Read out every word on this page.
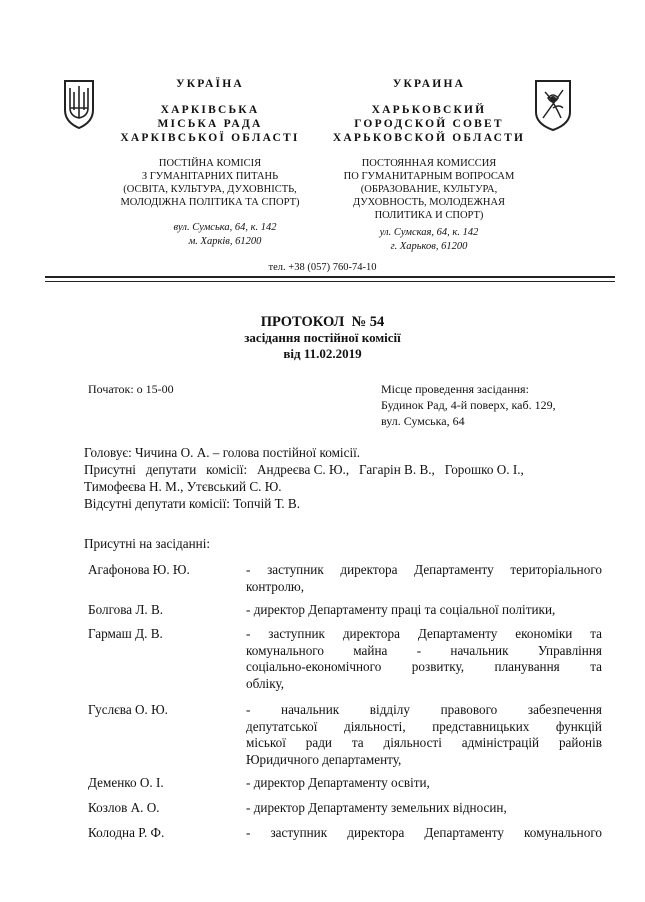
УКРАЇНА
ХАРКІВСЬКА
МІСЬКА РАДА
ХАРКІВСЬКОЇ ОБЛАСТІ
ПОСТІЙНА КОМІСІЯ
З ГУМАНІТАРНИХ ПИТАНЬ
(ОСВІТА, КУЛЬТУРА, ДУХОВНІСТЬ,
МОЛОДІЖНА ПОЛІТИКА ТА СПОРТ)
вул. Сумська, 64, к. 142
м. Харків, 61200
УКРАИНА
ХАРЬКОВСКИЙ
ГОРОДСКОЙ СОВЕТ
ХАРЬКОВСКОЙ ОБЛАСТИ
ПОСТОЯННАЯ КОМИССИЯ
ПО ГУМАНИТАРНЫМ ВОПРОСАМ
(ОБРАЗОВАНИЕ, КУЛЬТУРА,
ДУХОВНОСТЬ, МОЛОДЕЖНАЯ
ПОЛИТИКА И СПОРТ)
ул. Сумская, 64, к. 142
г. Харьков, 61200
тел. +38 (057) 760-74-10
ПРОТОКОЛ  № 54
засідання постійної комісії
від 11.02.2019
Початок: о 15-00	Місце проведення засідання:
Будинок Рад, 4-й поверх, каб. 129,
вул. Сумська, 64
Головує: Чичина О. А. – голова постійної комісії.
Присутні   депутати   комісії:   Андреєва С. Ю.,   Гагарін В. В.,   Горошко О. І.,
Тимофеєва Н. М., Утєвський С. Ю.
Відсутні депутати комісії: Топчій Т. В.
Присутні на засіданні:
Агафонова Ю. Ю.	- заступник директора Департаменту територіального
контролю,
Болгова Л. В.	- директор Департаменту праці та соціальної політики,
Гармаш Д. В.	- заступник директора Департаменту економіки та
комунального майна - начальник Управління
соціально-економічного розвитку, планування та
обліку,
Гуслєва О. Ю.	- начальник відділу правового забезпечення
депутатської діяльності, представницьких функцій
міської ради та діяльності адміністрацій районів
Юридичного департаменту,
Деменко О. І.	- директор Департаменту освіти,
Козлов А. О.	- директор Департаменту земельних відносин,
Колодна Р. Ф.	- заступник директора Департаменту комунального
